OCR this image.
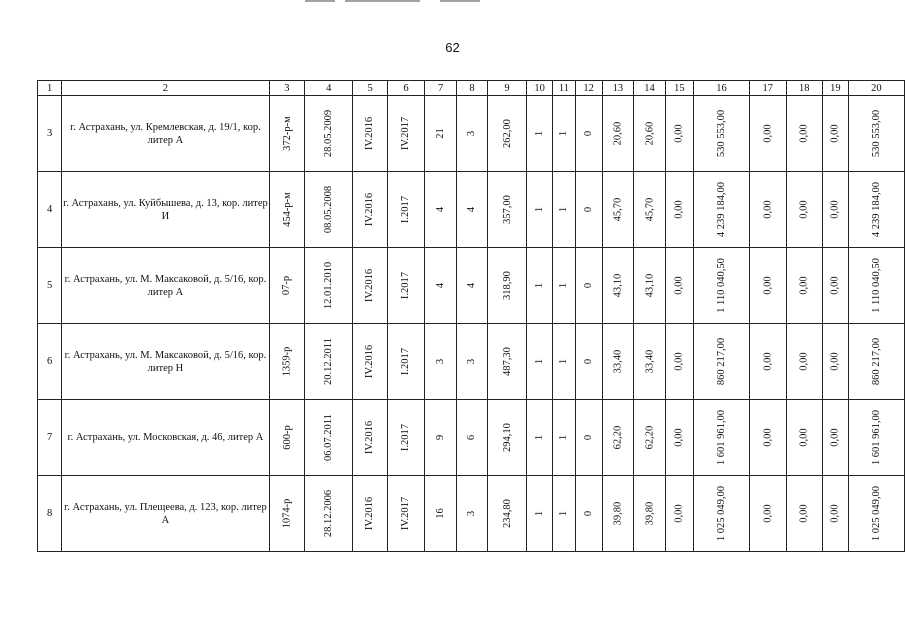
62
1	2	3	4	5	6	7	8	9	10	11	12	13	14	15	16	17	18	19	20
3	г. Астрахань, ул. Кремлевская, д. 19/1, кор. литер А	372-р-м	28.05.2009	IV.2016	IV.2017	21	3	262,00	1	1	0	20,60	20,60	0,00	530 553,00	0,00	0,00	0,00	530 553,00
4	г. Астрахань, ул. Куйбышева, д. 13, кор. литер И	454-р-м	08.05.2008	IV.2016	I.2017	4	4	357,00	1	1	0	45,70	45,70	0,00	4 239 184,00	0,00	0,00	0,00	4 239 184,00
5	г. Астрахань, ул. М. Максаковой, д. 5/16, кор. литер А	07-р	12.01.2010	IV.2016	I.2017	4	4	318,90	1	1	0	43,10	43,10	0,00	1 110 040,50	0,00	0,00	0,00	1 110 040,50
6	г. Астрахань, ул. М. Максаковой, д. 5/16, кор. литер Н	1359-р	20.12.2011	IV.2016	I.2017	3	3	487,30	1	1	0	33,40	33,40	0,00	860 217,00	0,00	0,00	0,00	860 217,00
7	г. Астрахань, ул. Московская, д. 46, литер А	600-р	06.07.2011	IV.2016	I.2017	9	6	294,10	1	1	0	62,20	62,20	0,00	1 601 961,00	0,00	0,00	0,00	1 601 961,00
8	г. Астрахань, ул. Плещеева, д. 123, кор. литер А	1074-р	28.12.2006	IV.2016	IV.2017	16	3	234,80	1	1	0	39,80	39,80	0,00	1 025 049,00	0,00	0,00	0,00	1 025 049,00
